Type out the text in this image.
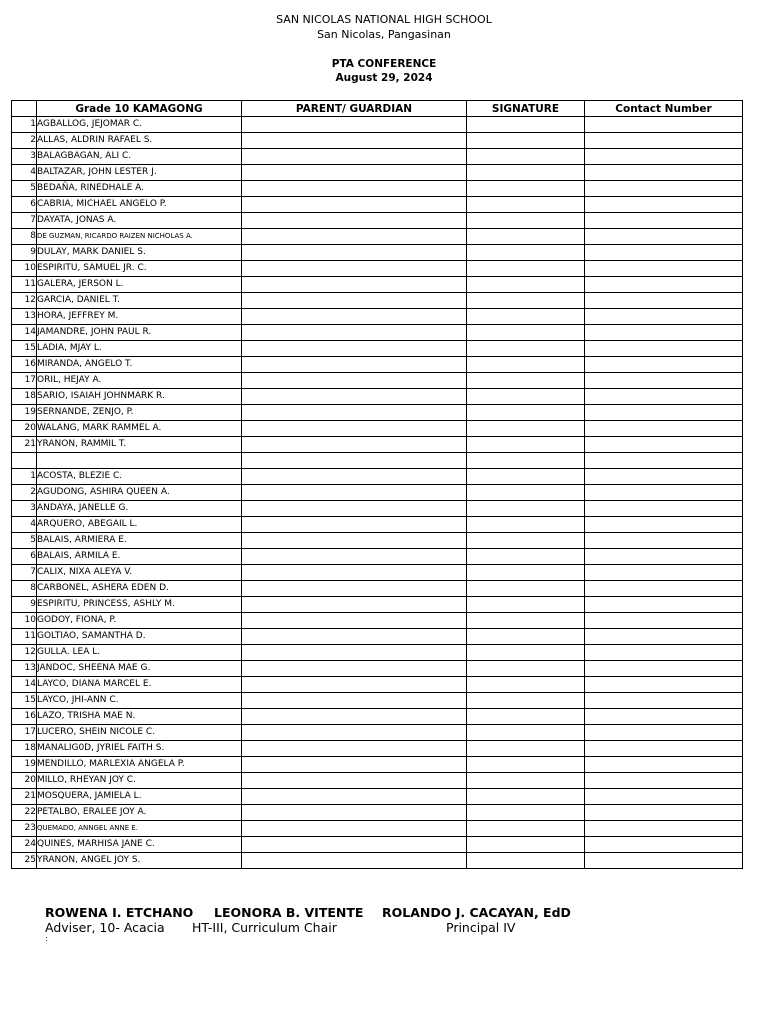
SAN NICOLAS NATIONAL HIGH SCHOOL
San Nicolas, Pangasinan
PTA CONFERENCE
August 29, 2024
	Grade 10 KAMAGONG	PARENT/ GUARDIAN	SIGNATURE	Contact Number
1	AGBALLOG, JEJOMAR C.			
2	ALLAS, ALDRIN RAFAEL S.			
3	BALAGBAGAN, ALI C.			
4	BALTAZAR, JOHN LESTER J.			
5	BEDAÑA, RINEDHALE A.			
6	CABRIA, MICHAEL ANGELO P.			
7	DAYATA, JONAS A.			
8	DE GUZMAN, RICARDO RAIZEN NICHOLAS A.			
9	DULAY, MARK DANIEL S.			
10	ESPIRITU, SAMUEL JR. C.			
11	GALERA, JERSON L.			
12	GARCIA, DANIEL T.			
13	HORA, JEFFREY M.			
14	JAMANDRE, JOHN PAUL R.			
15	LADIA, MJAY L.			
16	MIRANDA, ANGELO T.			
17	ORIL, HEJAY A.			
18	SARIO, ISAIAH JOHNMARK R.			
19	SERNANDE, ZENJO, P.			
20	WALANG, MARK RAMMEL A.			
21	YRANON, RAMMIL T.			

1	ACOSTA, BLEZIE C.			
2	AGUDONG, ASHIRA QUEEN A.			
3	ANDAYA, JANELLE G.			
4	ARQUERO, ABEGAIL L.			
5	BALAIS, ARMIERA E.			
6	BALAIS, ARMILA E.			
7	CALIX, NIXA ALEYA V.			
8	CARBONEL, ASHERA EDEN D.			
9	ESPIRITU, PRINCESS, ASHLY M.			
10	GODOY, FIONA, P.			
11	GOLTIAO, SAMANTHA D.			
12	GULLA. LEA L.			
13	JANDOC, SHEENA MAE G.			
14	LAYCO, DIANA MARCEL E.			
15	LAYCO, JHI-ANN C.			
16	LAZO, TRISHA MAE N.			
17	LUCERO, SHEIN NICOLE C.			
18	MANALIG0D, JYRIEL FAITH S.			
19	MENDILLO, MARLEXIA ANGELA P.			
20	MILLO, RHEYAN JOY C.			
21	MOSQUERA, JAMIELA L.			
22	PETALBO, ERALEE JOY A.			
23	QUEMADO, ANNGEL ANNE E.			
24	QUINES, MARHISA JANE C.			
25	YRANON, ANGEL JOY S.			
ROWENA I. ETCHANO
Adviser, 10- Acacia
LEONORA B. VITENTE
HT-III, Curriculum Chair
ROLANDO J. CACAYAN, EdD
Principal IV
:
